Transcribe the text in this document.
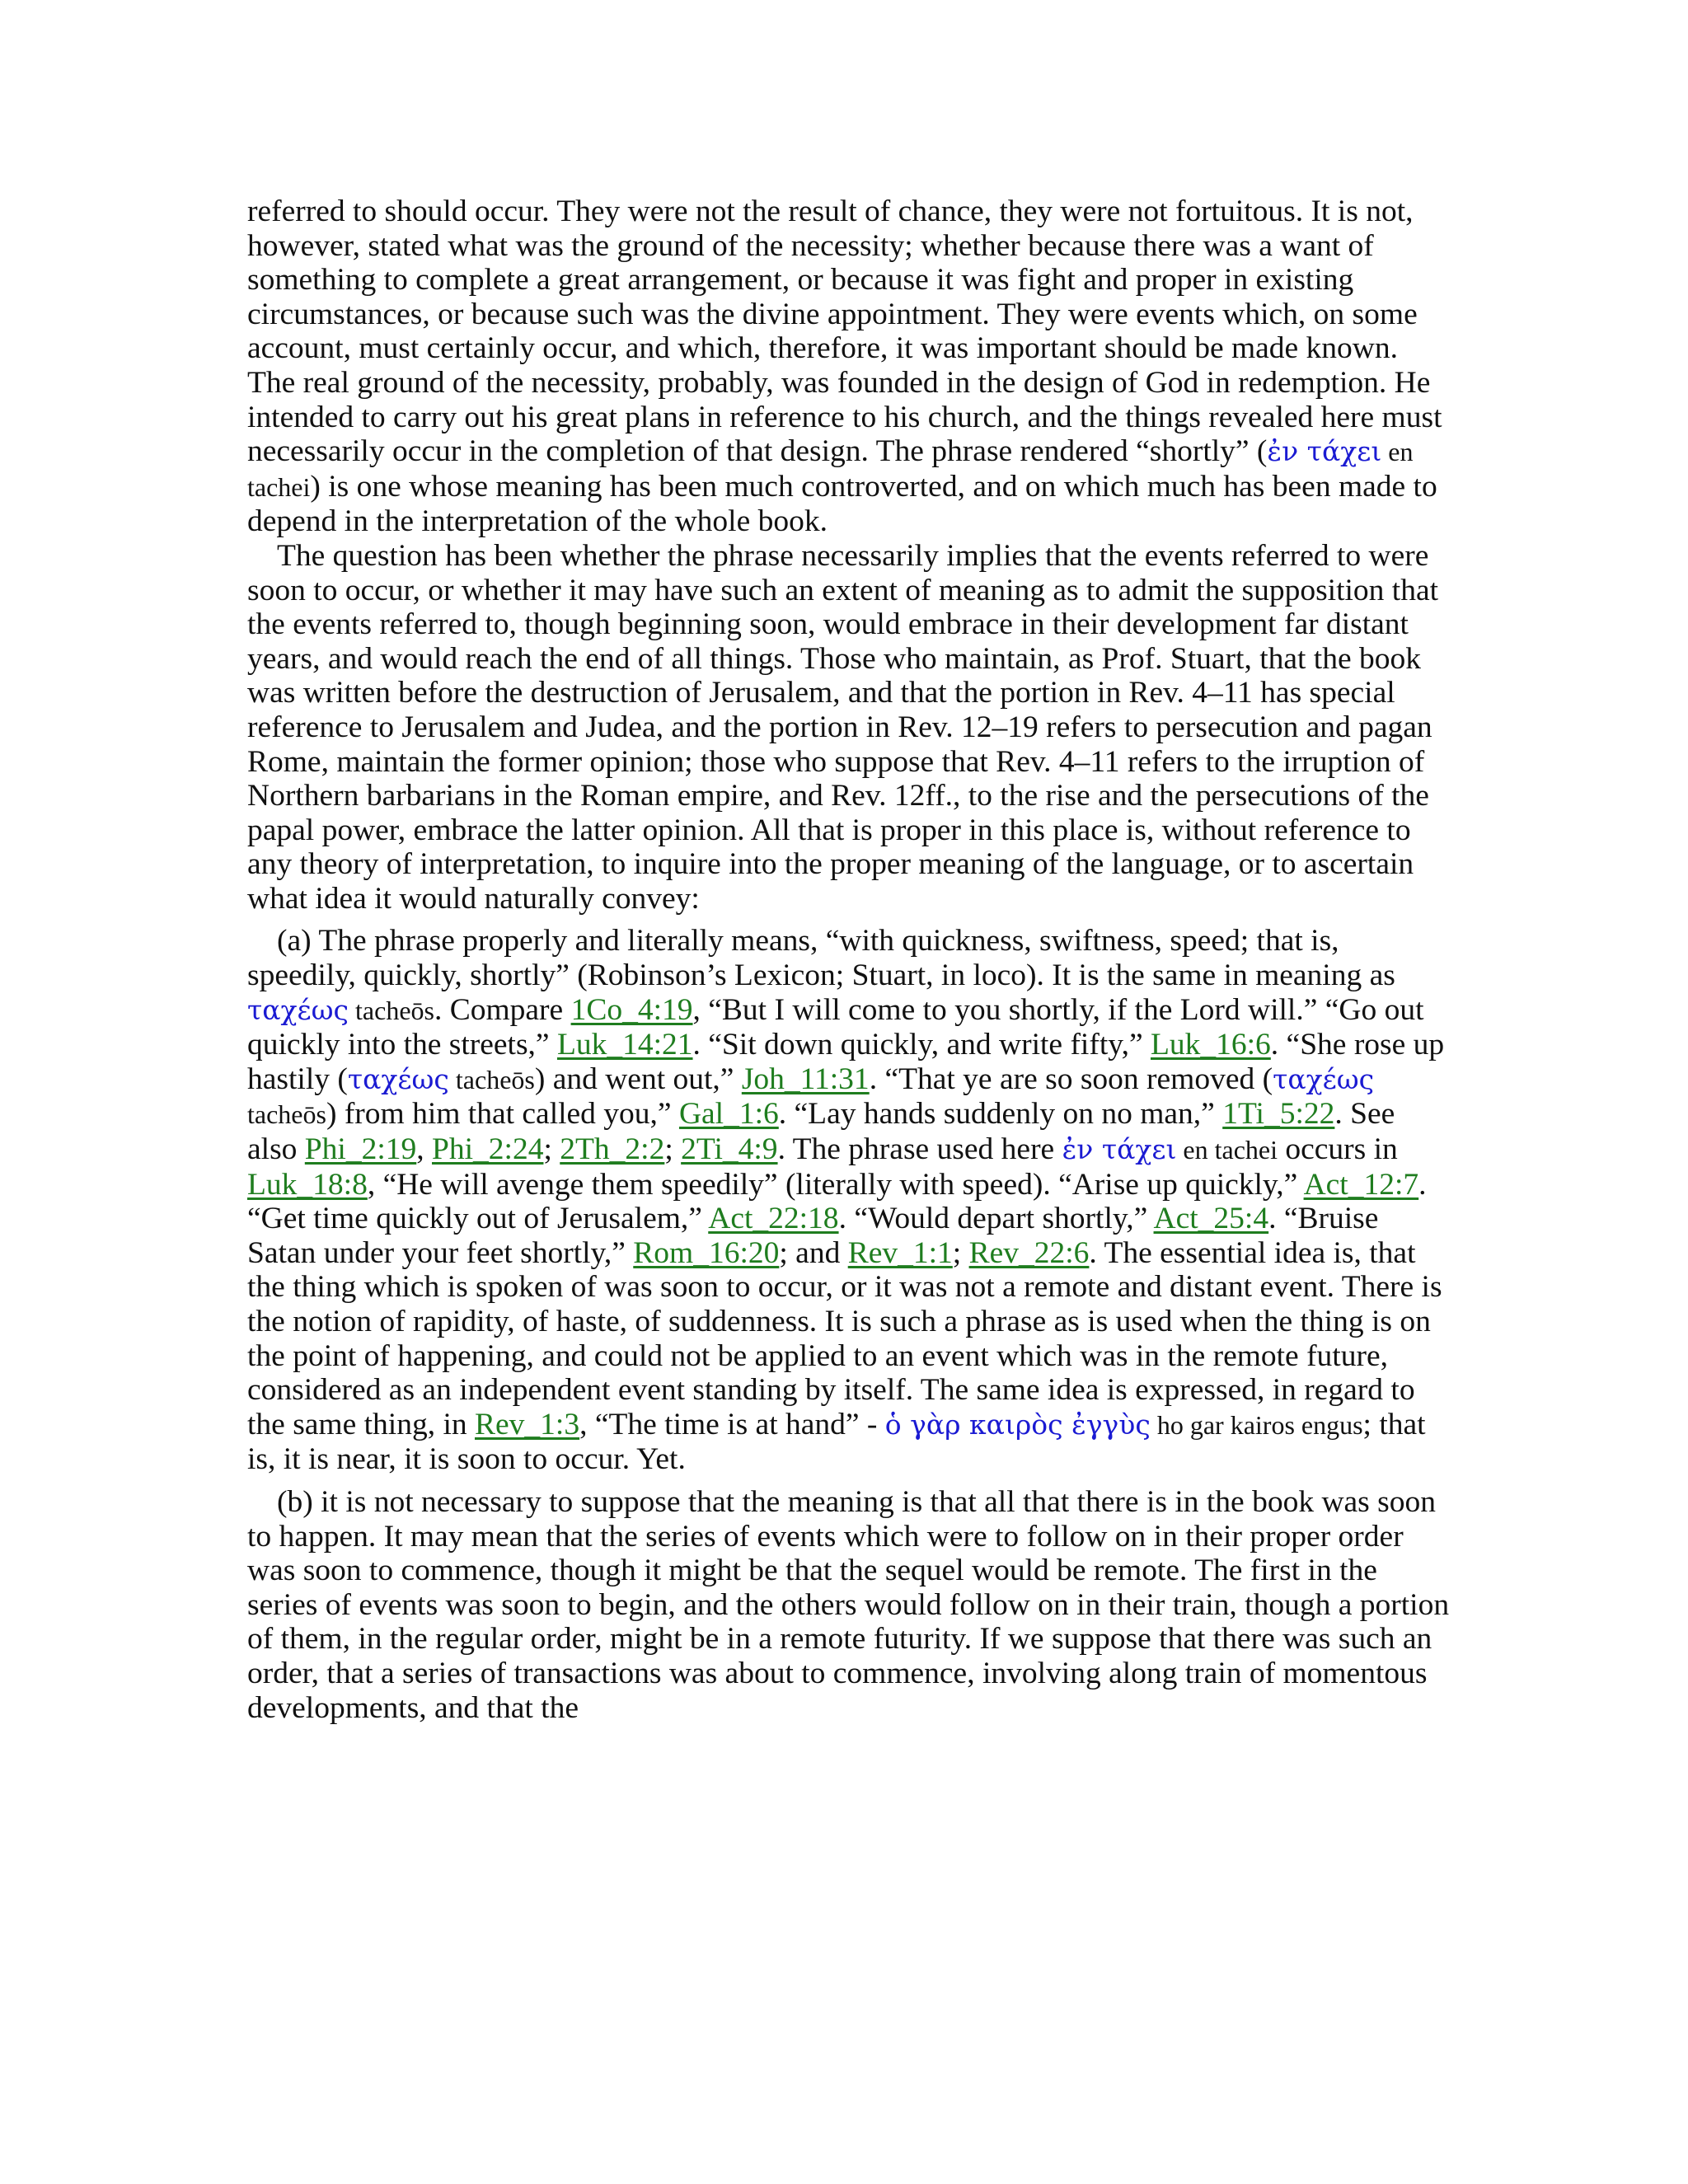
referred to should occur. They were not the result of chance, they were not fortuitous. It is not, however, stated what was the ground of the necessity; whether because there was a want of something to complete a great arrangement, or because it was fight and proper in existing circumstances, or because such was the divine appointment. They were events which, on some account, must certainly occur, and which, therefore, it was important should be made known. The real ground of the necessity, probably, was founded in the design of God in redemption. He intended to carry out his great plans in reference to his church, and the things revealed here must necessarily occur in the completion of that design. The phrase rendered “shortly” (ἐν τάχει en tachei) is one whose meaning has been much controverted, and on which much has been made to depend in the interpretation of the whole book.

The question has been whether the phrase necessarily implies that the events referred to were soon to occur, or whether it may have such an extent of meaning as to admit the supposition that the events referred to, though beginning soon, would embrace in their development far distant years, and would reach the end of all things. Those who maintain, as Prof. Stuart, that the book was written before the destruction of Jerusalem, and that the portion in Rev. 4–11 has special reference to Jerusalem and Judea, and the portion in Rev. 12–19 refers to persecution and pagan Rome, maintain the former opinion; those who suppose that Rev. 4–11 refers to the irruption of Northern barbarians in the Roman empire, and Rev. 12ff., to the rise and the persecutions of the papal power, embrace the latter opinion. All that is proper in this place is, without reference to any theory of interpretation, to inquire into the proper meaning of the language, or to ascertain what idea it would naturally convey:

(a) The phrase properly and literally means, “with quickness, swiftness, speed; that is, speedily, quickly, shortly” (Robinson’s Lexicon; Stuart, in loco). It is the same in meaning as ταχέως tacheōs. Compare 1Co_4:19, “But I will come to you shortly, if the Lord will.” “Go out quickly into the streets,” Luk_14:21. “Sit down quickly, and write fifty,” Luk_16:6. “She rose up hastily (ταχέως tacheōs) and went out,” Joh_11:31. “That ye are so soon removed (ταχέως tacheōs) from him that called you,” Gal_1:6. “Lay hands suddenly on no man,” 1Ti_5:22. See also Phi_2:19, Phi_2:24; 2Th_2:2; 2Ti_4:9. The phrase used here ἐν τάχει en tachei occurs in Luk_18:8, “He will avenge them speedily” (literally with speed). “Arise up quickly,” Act_12:7. “Get time quickly out of Jerusalem,” Act_22:18. “Would depart shortly,” Act_25:4. “Bruise Satan under your feet shortly,” Rom_16:20; and Rev_1:1; Rev_22:6. The essential idea is, that the thing which is spoken of was soon to occur, or it was not a remote and distant event. There is the notion of rapidity, of haste, of suddenness. It is such a phrase as is used when the thing is on the point of happening, and could not be applied to an event which was in the remote future, considered as an independent event standing by itself. The same idea is expressed, in regard to the same thing, in Rev_1:3, “The time is at hand” - ὁ γὰρ καιρὸς ἐγγὺς ho gar kairos engus; that is, it is near, it is soon to occur. Yet.

(b) it is not necessary to suppose that the meaning is that all that there is in the book was soon to happen. It may mean that the series of events which were to follow on in their proper order was soon to commence, though it might be that the sequel would be remote. The first in the series of events was soon to begin, and the others would follow on in their train, though a portion of them, in the regular order, might be in a remote futurity. If we suppose that there was such an order, that a series of transactions was about to commence, involving along train of momentous developments, and that the
